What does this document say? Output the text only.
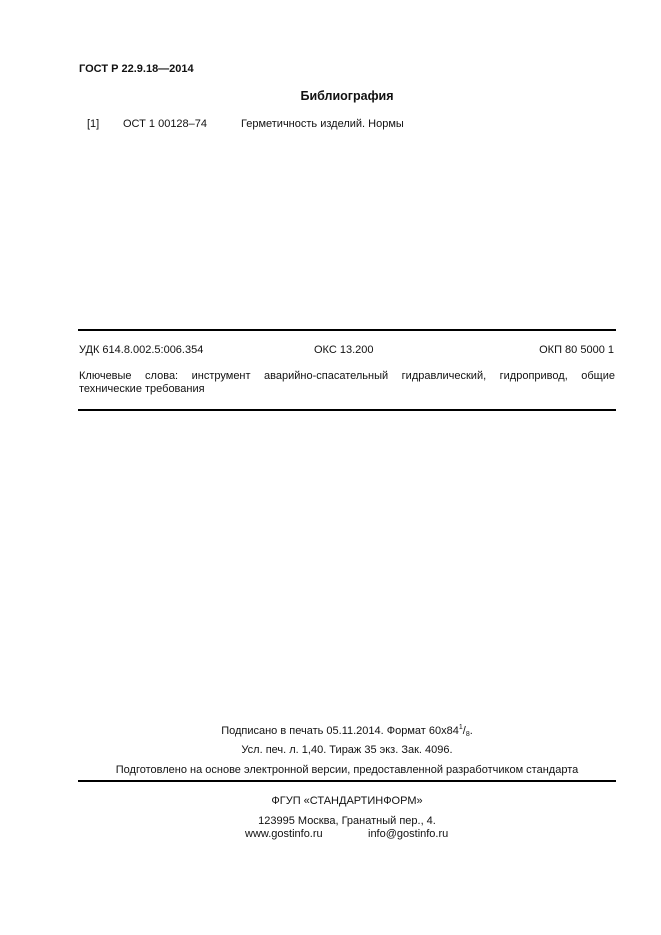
ГОСТ Р 22.9.18—2014
Библиография
[1] ОСТ 1 00128–74	Герметичность изделий. Нормы
УДК 614.8.002.5:006.354	ОКС 13.200	ОКП 80 5000 1
Ключевые слова: инструмент аварийно-спасательный гидравлический, гидропривод, общие технические требования
Подписано в печать 05.11.2014. Формат $60х84^1/_8$.
Усл. печ. л. 1,40. Тираж 35 экз. Зак. 4096.
Подготовлено на основе электронной версии, предоставленной разработчиком стандарта
ФГУП «СТАНДАРТИНФОРМ»
123995 Москва, Гранатный пер., 4.
www.gostinfo.ru	info@gostinfo.ru
